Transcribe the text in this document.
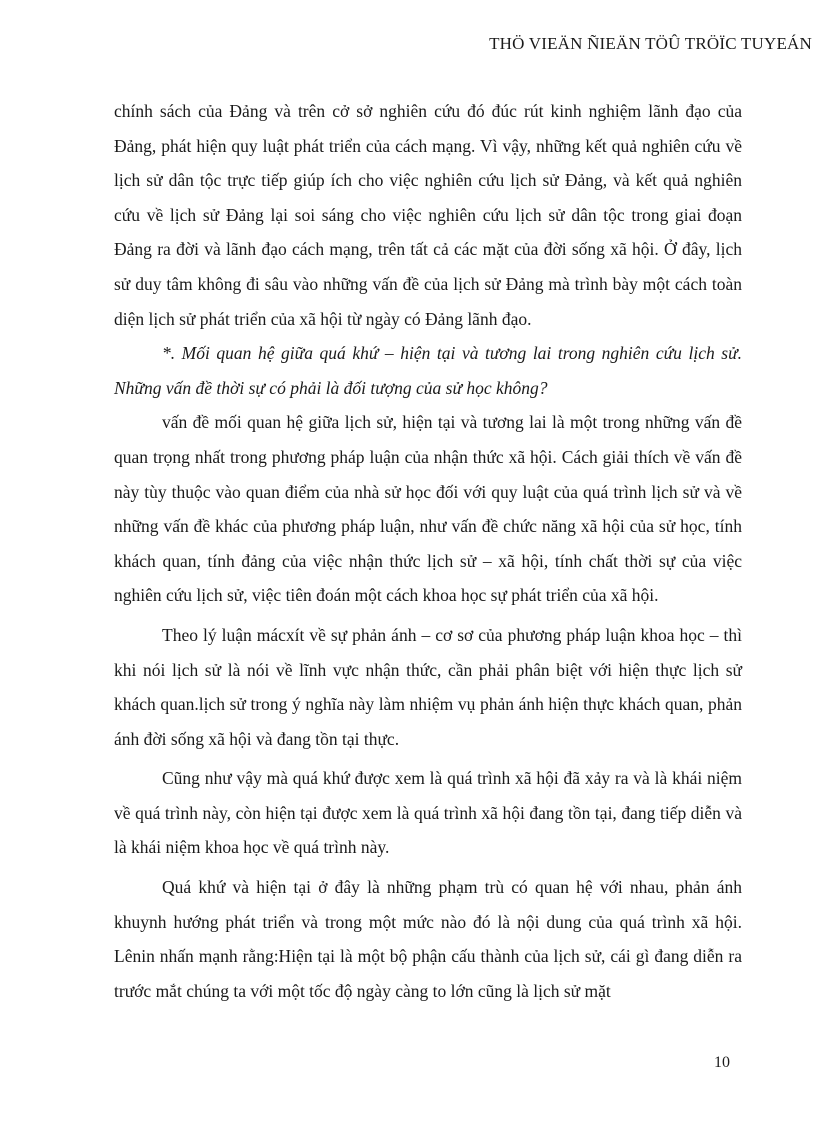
THÖ VIEÄN ÑIEÄN TÖÛ TRÖÏC TUYEÁN

chính sách của Đảng và trên cở sở nghiên cứu đó đúc rút kinh nghiệm lãnh đạo của Đảng, phát hiện quy luật phát triển của cách mạng. Vì vậy, những kết quả nghiên cứu về lịch sử dân tộc trực tiếp giúp ích cho việc nghiên cứu lịch sử Đảng, và kết quả nghiên cứu về lịch sử Đảng lại soi sáng cho việc nghiên cứu lịch sử dân tộc trong giai đoạn Đảng ra đời và lãnh đạo cách mạng, trên tất cả các mặt của đời sống xã hội. Ở đây, lịch sử duy tâm không đi sâu vào những vấn đề của lịch sử Đảng mà trình bày một cách toàn diện lịch sử phát triển của xã hội từ ngày có Đảng lãnh đạo.

*. Mối quan hệ giữa quá khứ – hiện tại và tương lai trong nghiên cứu lịch sử. Những vấn đề thời sự có phải là đối tượng của sử học không?

vấn đề mối quan hệ giữa lịch sử, hiện tại và tương lai là một trong những vấn đề quan trọng nhất trong phương pháp luận của nhận thức xã hội. Cách giải thích về vấn đề này tùy thuộc vào quan điểm của nhà sử học đối với quy luật của quá trình lịch sử và về những vấn đề khác của phương pháp luận, như vấn đề chức năng xã hội của sử học, tính khách quan, tính đảng của việc nhận thức lịch sử – xã hội, tính chất thời sự của việc nghiên cứu lịch sử, việc tiên đoán một cách khoa học sự phát triển của xã hội.

Theo lý luận mácxít về sự phản ánh – cơ sơ của phương pháp luận khoa học – thì khi nói lịch sử là nói về lĩnh vực nhận thức, cần phải phân biệt với hiện thực lịch sử khách quan.lịch sử trong ý nghĩa này làm nhiệm vụ phản ánh hiện thực khách quan, phản ánh đời sống xã hội và đang tồn tại thực.

Cũng như vậy mà quá khứ được xem là quá trình xã hội đã xảy ra và là khái niệm về quá trình này, còn hiện tại được xem là quá trình xã hội đang tồn tại, đang tiếp diễn và là khái niệm khoa học về quá trình này.

Quá khứ và hiện tại ở đây là những phạm trù có quan hệ với nhau, phản ánh khuynh hướng phát triển và trong một mức nào đó là nội dung của quá trình xã hội. Lênin nhấn mạnh rằng:Hiện tại là một bộ phận cấu thành của lịch sử, cái gì đang diễn ra trước mắt chúng ta với một tốc độ ngày càng to lớn cũng là lịch sử mặt

10
